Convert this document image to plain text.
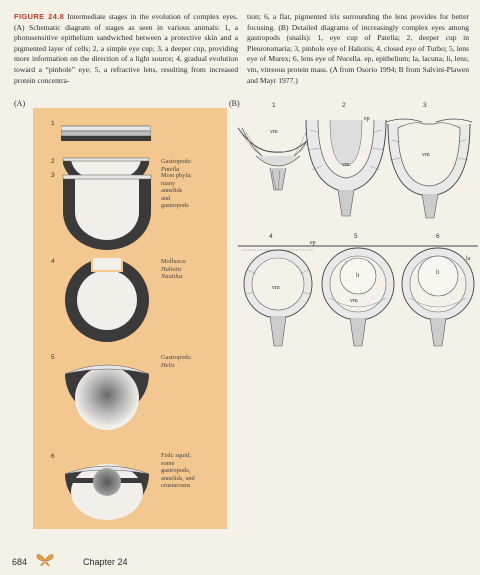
FIGURE 24.8 Intermediate stages in the evolution of complex eyes. (A) Schematic diagram of stages as seen in various animals: 1, a photosensitive epithelium sandwiched between a protective skin and a pigmented layer of cells; 2, a simple eye cup; 3, a deeper cup, providing more information on the direction of a light source; 4, gradual evolution toward a “pinhole” eye; 5, a refractive lens, resulting from increased protein concentra-
tion; 6, a flat, pigmented iris surrounding the lens provides for better focusing. (B) Detailed diagrams of increasingly complex eyes among gastropods (snails): 1, eye cup of Patella; 2, deeper cup in Pleurotomaria; 3, pinhole eye of Haliotis; 4, closed eye of Turbo; 5, lens eye of Murex; 6, lens eye of Nucella. ep, epithelium; la, lacuna; li, lens; vm, vitreous protein mass. (A from Osorio 1994; B from Salvini-Plawen and Mayr 1977.)
(A)
1
2	Gastropods:
Patella
3	Most phyla;
many
annelids
and
gastropods
4	Mollusca:
Haliotis
Nautilus
5	Gastropods:
Helix
6	Fish; squid;
some
gastropods,
annelids, and
crustaceans
(B)	1
vm
2
vm
3
ep
vm
4
ep
vm
5
li
vm
6
li
la
684	Chapter 24
